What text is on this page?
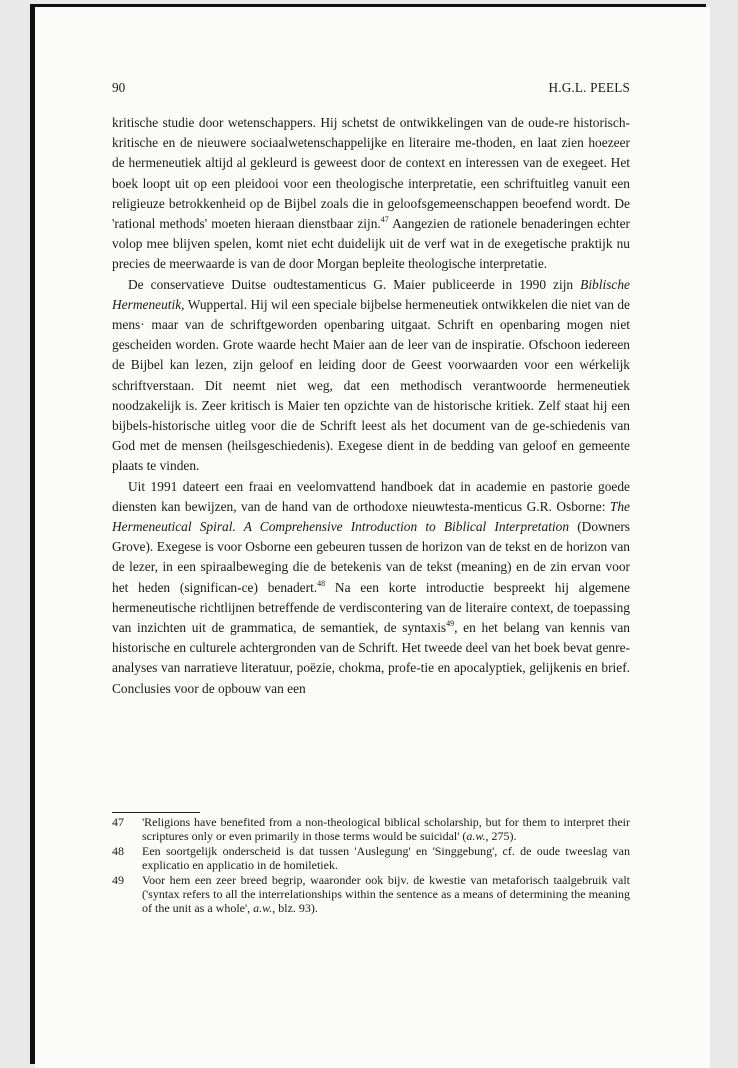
90	H.G.L. PEELS

kritische studie door wetenschappers. Hij schetst de ontwikkelingen van de oude-re historisch-kritische en de nieuwere sociaalwetenschappelijke en literaire me-thoden, en laat zien hoezeer de hermeneutiek altijd al gekleurd is geweest door de context en interessen van de exegeet. Het boek loopt uit op een pleidooi voor een theologische interpretatie, een schriftuitleg vanuit een religieuze betrokkenheid op de Bijbel zoals die in geloofsgemeenschappen beoefend wordt. De 'rational methods' moeten hieraan dienstbaar zijn.$^{47}$ Aangezien de rationele benaderingen echter volop mee blijven spelen, komt niet echt duidelijk uit de verf wat in de exegetische praktijk nu precies de meerwaarde is van de door Morgan bepleite theologische interpretatie.

De conservatieve Duitse oudtestamenticus G. Maier publiceerde in 1990 zijn Biblische Hermeneutik, Wuppertal. Hij wil een speciale bijbelse hermeneutiek ontwikkelen die niet van de mens· maar van de schriftgeworden openbaring uitgaat. Schrift en openbaring mogen niet gescheiden worden. Grote waarde hecht Maier aan de leer van de inspiratie. Ofschoon iedereen de Bijbel kan lezen, zijn geloof en leiding door de Geest voorwaarden voor een wérkelijk schriftverstaan. Dit neemt niet weg, dat een methodisch verantwoorde hermeneutiek noodzakelijk is. Zeer kritisch is Maier ten opzichte van de historische kritiek. Zelf staat hij een bijbels-historische uitleg voor die de Schrift leest als het document van de ge-schiedenis van God met de mensen (heilsgeschiedenis). Exegese dient in de bedding van geloof en gemeente plaats te vinden.

Uit 1991 dateert een fraai en veelomvattend handboek dat in academie en pastorie goede diensten kan bewijzen, van de hand van de orthodoxe nieuwtesta-menticus G.R. Osborne: The Hermeneutical Spiral. A Comprehensive Introduction to Biblical Interpretation (Downers Grove). Exegese is voor Osborne een gebeuren tussen de horizon van de tekst en de horizon van de lezer, in een spiraalbeweging die de betekenis van de tekst (meaning) en de zin ervan voor het heden (significan-ce) benadert.$^{48}$ Na een korte introductie bespreekt hij algemene hermeneutische richtlijnen betreffende de verdiscontering van de literaire context, de toepassing van inzichten uit de grammatica, de semantiek, de syntaxis$^{49}$, en het belang van kennis van historische en culturele achtergronden van de Schrift. Het tweede deel van het boek bevat genre-analyses van narratieve literatuur, poëzie, chokma, profe-tie en apocalyptiek, gelijkenis en brief. Conclusies voor de opbouw van een

47 'Religions have benefited from a non-theological biblical scholarship, but for them to interpret their scriptures only or even primarily in those terms would be suicidal' (a.w., 275).
48 Een soortgelijk onderscheid is dat tussen 'Auslegung' en 'Singgebung', cf. de oude tweeslag van explicatio en applicatio in de homiletiek.
49 Voor hem een zeer breed begrip, waaronder ook bijv. de kwestie van metaforisch taalgebruik valt ('syntax refers to all the interrelationships within the sentence as a means of determining the meaning of the unit as a whole', a.w., blz. 93).
